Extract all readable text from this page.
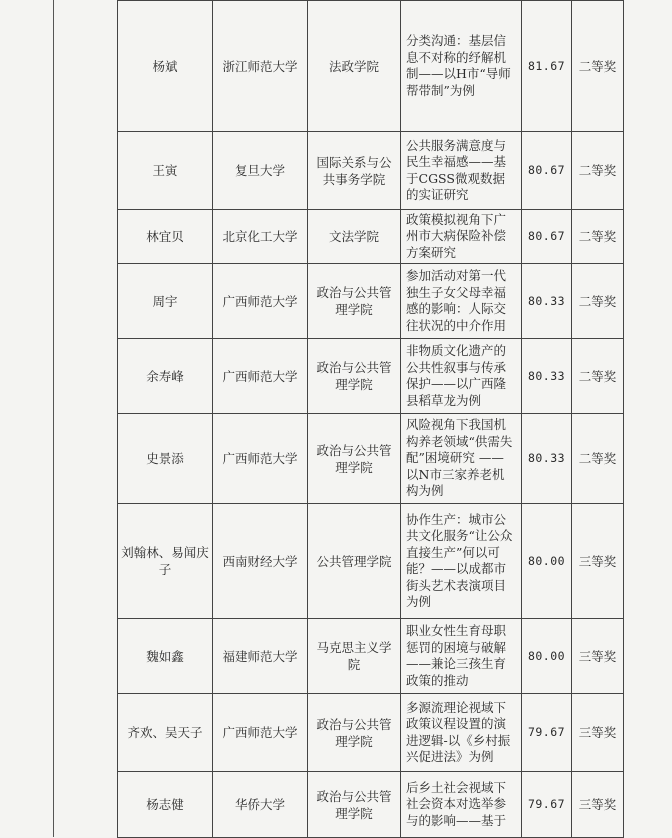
杨斌	浙江师范大学	法政学院	分类沟通：基层信息不对称的纾解机制——以H市“导师帮带制”为例	81.67	二等奖
王寅	复旦大学	国际关系与公共事务学院	公共服务满意度与民生幸福感——基于CGSS微观数据的实证研究	80.67	二等奖
林宜贝	北京化工大学	文法学院	政策模拟视角下广州市大病保险补偿方案研究	80.67	二等奖
周宇	广西师范大学	政治与公共管理学院	参加活动对第一代独生子女父母幸福感的影响：人际交往状况的中介作用	80.33	二等奖
余寿峰	广西师范大学	政治与公共管理学院	非物质文化遗产的公共性叙事与传承保护——以广西隆县稻草龙为例	80.33	二等奖
史景添	广西师范大学	政治与公共管理学院	风险视角下我国机构养老领域“供需失配”困境研究 ——以N市三家养老机构为例	80.33	二等奖
刘翰林、易闻庆子	西南财经大学	公共管理学院	协作生产：城市公共文化服务“让公众直接生产”何以可能？——以成都市街头艺术表演项目为例	80.00	三等奖
魏如鑫	福建师范大学	马克思主义学院	职业女性生育母职惩罚的困境与破解——兼论三孩生育政策的推动	80.00	三等奖
齐欢、吴天子	广西师范大学	政治与公共管理学院	多源流理论视域下政策议程设置的演进逻辑-以《乡村振兴促进法》为例	79.67	三等奖
杨志健	华侨大学	政治与公共管理学院	后乡土社会视域下社会资本对选举参与的影响——基于	79.67	三等奖
